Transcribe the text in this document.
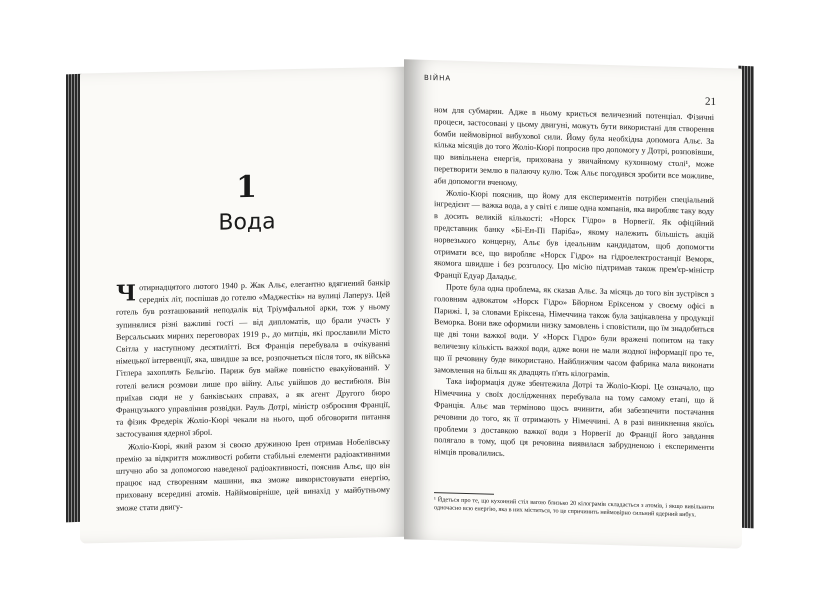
1
Вода

Чотирнадцятого лютого 1940 р. Жак Альє, елегантно вдягнений банкір середніх літ, поспішав до готелю «Маджестік» на вулиці Лаперуз. Цей готель був розташований неподалік від Тріумфальної арки, тож у ньому зупинялися різні важливі гості — від дипломатів, що брали участь у Версальських мирних переговорах 1919 р., до митців, які прославили Місто Світла у наступному десятилітті. Вся Франція перебувала в очікуванні німецької інтервенції, яка, швидше за все, розпочнеться після того, як війська Гітлера захоплять Бельгію. Париж був майже повністю евакуйований. У готелі велися розмови лише про війну. Альє увійшов до вестибюля. Він приїхав сюди не у банківських справах, а як агент Другого бюро Французького управління розвідки. Рауль Дотрі, міністр озброєння Франції, та фізик Фредерік Жоліо-Кюрі чекали на нього, щоб обговорити питання застосування ядерної зброї.

Жоліо-Кюрі, який разом зі своєю дружиною Ірен отримав Нобелівську премію за відкриття можливості робити стабільні елементи радіоактивними штучно або за допомогою наведеної радіоактивності, пояснив Альє, що він працює над створенням машини, яка зможе використовувати енергію, приховану всередині атомів. Найймовірніше, цей винахід у майбутньому зможе стати двигу-

ВІЙНА
21

ном для субмарин. Адже в ньому криється величезний потенціал. Фізичні процеси, застосовані у цьому двигуні, можуть бути використані для створення бомби неймовірної вибухової сили. Йому була необхідна допомога Альє. За кілька місяців до того Жоліо-Кюрі попросив про допомогу у Дотрі, розповівши, що вивільнена енергія, прихована у звичайному кухонному столі¹, може перетворити землю в палаючу кулю. Тож Альє погодився зробити все можливе, аби допомогти вченому.

Жоліо-Кюрі пояснив, що йому для експериментів потрібен спеціальний інгредієнт — важка вода, а у світі є лише одна компанія, яка виробляє таку воду в досить великій кількості: «Норск Гідро» в Норвегії. Як офіційний представник банку «Бі-Ен-Пі Паріба», якому належить більшість акцій норвезького концерну, Альє був ідеальним кандидатом, щоб допомогти отримати все, що виробляє «Норск Гідро» на гідроелектростанції Веморк, якомога швидше і без розголосу. Цю місію підтримав також прем'єр-міністр Франції Едуар Даладьє.

Проте була одна проблема, як сказав Альє. За місяць до того він зустрівся з головним адвокатом «Норск Гідро» Бйорном Еріксеном у своєму офісі в Парижі. І, за словами Еріксена, Німеччина також була зацікавлена у продукції Веморка. Вони вже оформили низку замовлень і сповістили, що їм знадобиться ще дві тони важкої води. У «Норск Гідро» були вражені попитом на таку величезну кількість важкої води, адже вони не мали жодної інформації про те, що її речовину буде використано. Найближчим часом фабрика мала виконати замовлення на більш як двадцять п'ять кілограмів.

Така інформація дуже збентежила Дотрі та Жоліо-Кюрі. Це означало, що Німеччина у своїх дослідженнях перебувала на тому самому етапі, що й Франція. Альє мав терміново щось вчинити, аби забезпечити постачання речовини до того, як її отримають у Німеччині. А в разі виникнення якоїсь проблеми з доставкою важкої води з Норвегії до Франції його завдання полягало в тому, щоб ця речовина виявилася забрудненою і експерименти німців провалились.

¹ Йдеться про те, що кухонний стіл вагою близько 20 кілограмів складається з атомів, і якщо вивільнити одночасно всю енергію, яка в них міститься, то це спричинить неймовірно сильний ядерний вибух.
